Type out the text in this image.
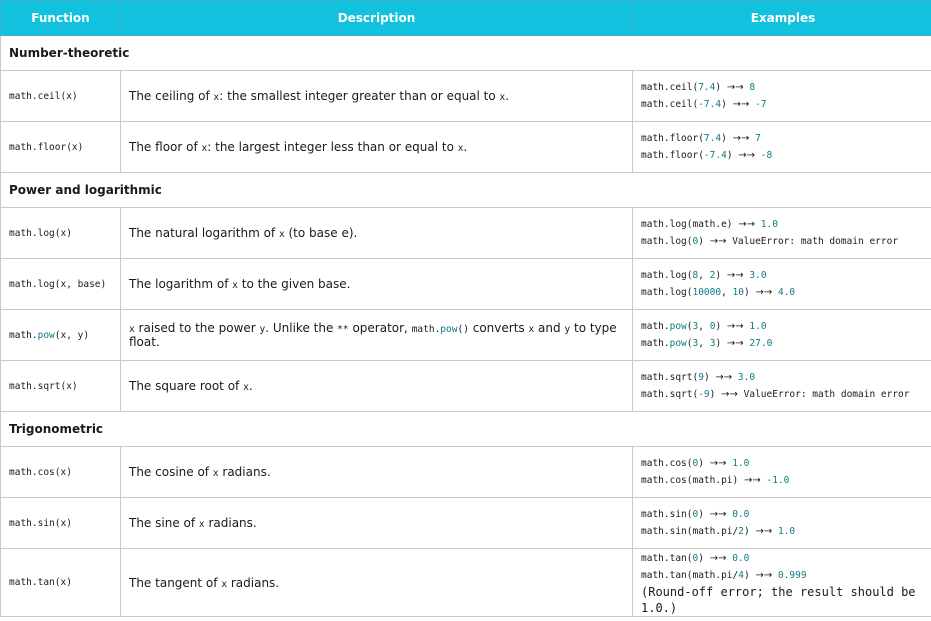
Function	Description	Examples
Number-theoretic		
math.ceil(x)	The ceiling of x: the smallest integer greater than or equal to x.	math.ceil(7.4) →→ 8
math.ceil(-7.4) →→ -7

math.floor(x)	The floor of x: the largest integer less than or equal to x.	math.floor(7.4) →→ 7
math.floor(-7.4) →→ -8

Power and logarithmic		
math.log(x)	The natural logarithm of x (to base e).	math.log(math.e) →→ 1.0
math.log(0) →→ ValueError: math domain error

math.log(x, base)	The logarithm of x to the given base.	math.log(8, 2) →→ 3.0
math.log(10000, 10) →→ 4.0

math.pow(x, y)	x raised to the power y. Unlike the ** operator, math.pow() converts x and y to type float.	math.pow(3, 0) →→ 1.0
math.pow(3, 3) →→ 27.0

math.sqrt(x)	The square root of x.	math.sqrt(9) →→ 3.0
math.sqrt(-9) →→ ValueError: math domain error

Trigonometric		
math.cos(x)	The cosine of x radians.	math.cos(0) →→ 1.0
math.cos(math.pi) →→ -1.0

math.sin(x)	The sine of x radians.	math.sin(0) →→ 0.0
math.sin(math.pi/2) →→ 1.0

math.tan(x)	The tangent of x radians.	math.tan(0) →→ 0.0
math.tan(math.pi/4) →→ 0.999
(Round-off error; the result should be 1.0.)
